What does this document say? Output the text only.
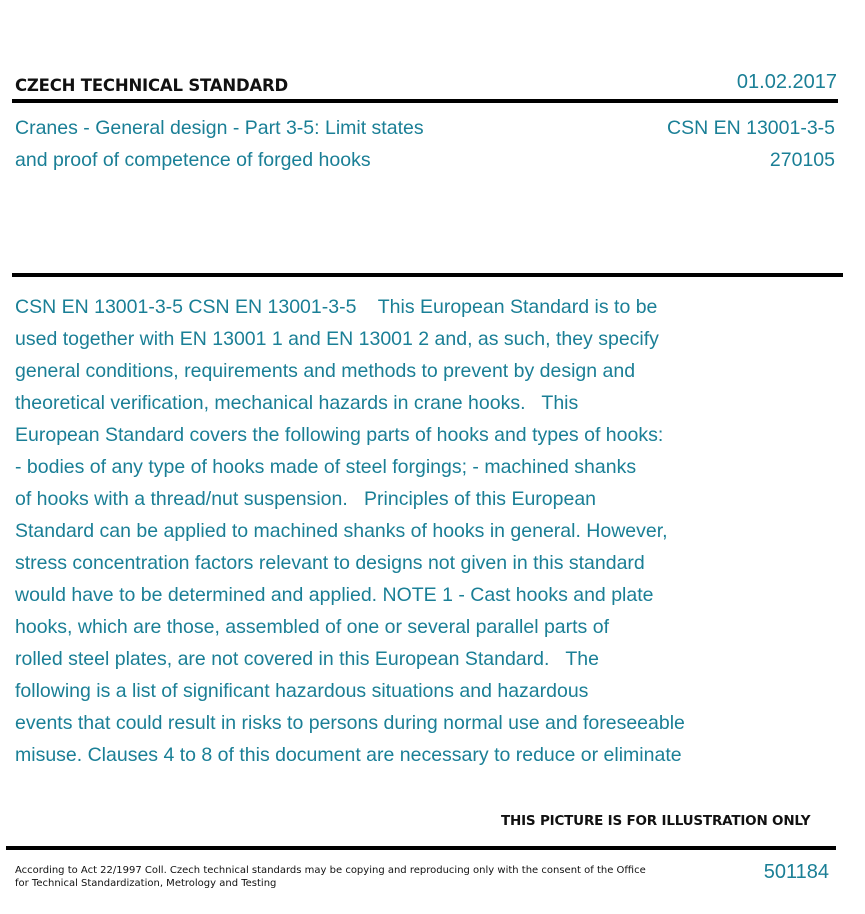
CZECH TECHNICAL STANDARD	01.02.2017
Cranes - General design - Part 3-5: Limit states
and proof of competence of forged hooks
CSN EN 13001-3-5
270105
CSN EN 13001-3-5 CSN EN 13001-3-5    This European Standard is to be
used together with EN 13001 1 and EN 13001 2 and, as such, they specify
general conditions, requirements and methods to prevent by design and
theoretical verification, mechanical hazards in crane hooks.   This
European Standard covers the following parts of hooks and types of hooks:
- bodies of any type of hooks made of steel forgings; - machined shanks
of hooks with a thread/nut suspension.   Principles of this European
Standard can be applied to machined shanks of hooks in general. However,
stress concentration factors relevant to designs not given in this standard
would have to be determined and applied. NOTE 1 - Cast hooks and plate
hooks, which are those, assembled of one or several parallel parts of
rolled steel plates, are not covered in this European Standard.   The
following is a list of significant hazardous situations and hazardous
events that could result in risks to persons during normal use and foreseeable
misuse. Clauses 4 to 8 of this document are necessary to reduce or eliminate
THIS PICTURE IS FOR ILLUSTRATION ONLY
According to Act 22/1997 Coll. Czech technical standards may be copying and reproducing only with the consent of the Office
for Technical Standardization, Metrology and Testing
501184
